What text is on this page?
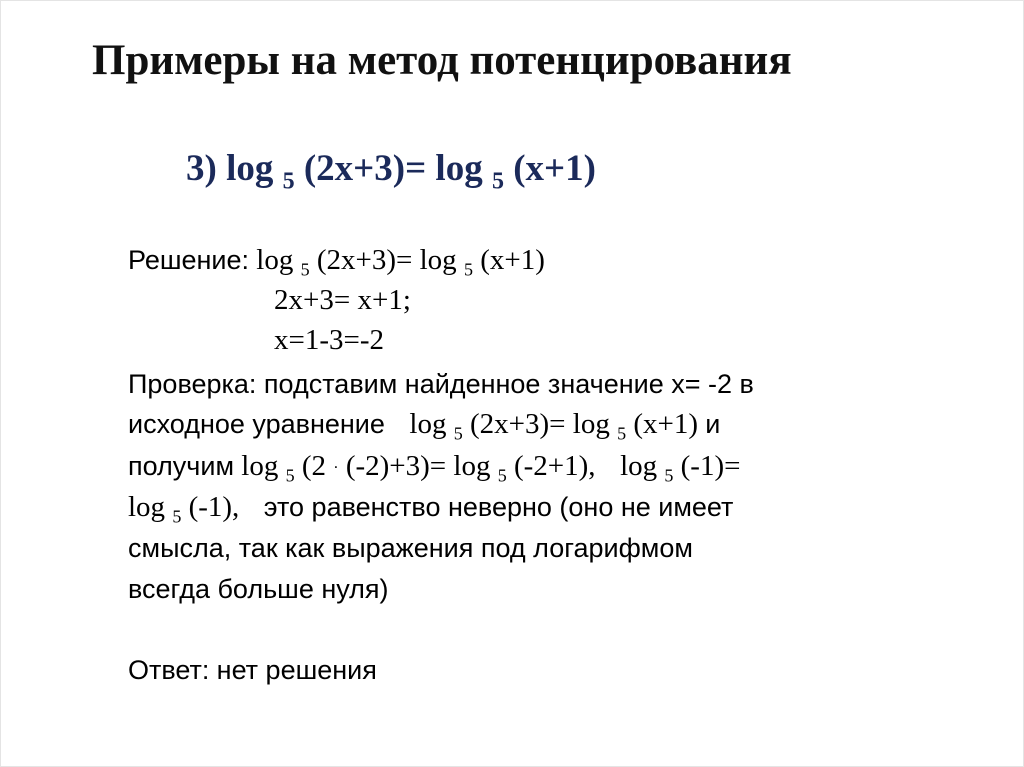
Примеры на метод потенцирования
3) log $_5$ (2x+3)= log $_5$ (x+1)
Решение: log $_5$ (2x+3)= log $_5$ (x+1)
2x+3= x+1;
x=1-3=-2
Проверка: подставим найденное значение х= -2 в
исходное уравнение log $_5$ (2x+3)= log $_5$ (x+1) и
получим log $_5$ (2 · (-2)+3)= log $_5$ (-2+1), log $_5$ (-1)=
log $_5$ (-1), это равенство неверно (оно не имеет
смысла, так как выражения под логарифмом
всегда больше нуля)
Ответ: нет решения
